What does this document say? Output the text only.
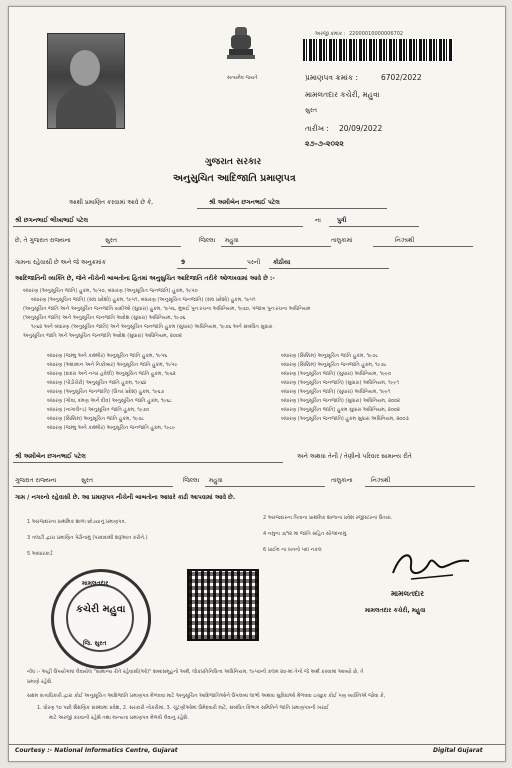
સત્યમેવ જયતે
અરજી ક્રમાંક : 22000010000006702
પ્રમાણપત્ર ક્રમાંક :	6702/2022
મામલતદાર કચેરી, મહુવા
સુરત
તારીખ : 20/09/2022
૨૭-૭-૨૦૨૨
ગુજરાત સરકાર
અનુસુચિત આદિજાતિ પ્રમાણપત્ર
આથી પ્રમાણિત કરવામાં આવે છે કે,	શ્રી અમીબેન છગનભાઈ પટેલ
શ્રી છગનભાઈ ભીખાભાઈ પટેલ	ના	પુત્રી
છે, તે ગુજરાત રાજ્યના	સુરત	જિલ્લા મહુવા	તાલુકામાં	નિઝાથી
ગામના રહેવાસી છે અને જે અનુક્રમાંક	9	પરની કોઠીયા
આદિજાતિની વ્યક્તિ છે, જેને નીચેની બાબતોના હિતમાં અનુસુચિત આદિજાતિ તરીકે ઓળખવામાં આવે છે :-
બંધારણ (અનુસૂચિત જાતિ) હુકમ, ૧૯૫૦, બંધારણ (અનુસૂચિત જનજાતિ) હુકમ, ૧૯૫૦
બંધારણ (અનુસૂચિત જાતિ) (સંઘ પ્રદેશો) હુકમ, ૧૯૫૧, બંધારણ (અનુસૂચિત જનજાતિ) (સંઘ પ્રદેશો) હુકમ, ૧૯૫૧
(અનુસૂચિત જાતિ અને અનુસૂચિત જનજાતિ યાદીઓ (સુધારા) હુકમ, ૧૯૫૬, મુંબઈ પુનઃરચના અધિનિયમ, ૧૯૬૦, પંજાબ પુનઃરચના અધિનિયમ
(અનુસૂચિત જાતિ) અને અનુસૂચિત જનજાતિ આદેશ (સુધારા) અધિનિયમ, ૧૯૭૬
૧૯૬૨ અને બંધારણ (અનુસૂચિત જાતિ) અને અનુસૂચિત જનજાતિ હુકમ (સુધારા) અધિનિયમ, ૧૯૭૬ અને સંબંધિત સુધારા
અનુસૂચિત જાતિ અને અનુસૂચિત જનજાતિ આદેશ (સુધારા) અધિનિયમ, ૨૦૦૨
બંધારણ (જમ્મુ અને કાશ્મીર) અનુસૂચિત જાતિ હુકમ, ૧૯૫૬
બંધારણ (અંદામાન અને નિકોબાર) અનુસૂચિત જાતિ હુકમ, ૧૯૫૯
બંધારણ (દાદરા અને નગર હવેલી) અનુસૂચિત જાતિ હુકમ, ૧૯૬૨
બંધારણ (પોંડીચેરી) અનુસૂચિત જાતિ હુકમ, ૧૯૬૪
બંધારણ (અનુસૂચિત જનજાતિ) (ઉત્તર પ્રદેશ) હુકમ, ૧૯૬૭
બંધારણ (ગોવા, દમણ અને દીવ) અનુસૂચિત જાતિ હુકમ, ૧૯૬૮
બંધારણ (નાગાલેન્ડ) અનુસૂચિત જાતિ હુકમ, ૧૯૭૦
બંધારણ (સિક્કિમ) અનુસૂચિત જાતિ હુકમ, ૧૯૭૮
બંધારણ (જમ્મુ અને કાશ્મીર) અનુસૂચિત જનજાતિ હુકમ, ૧૯૮૯
બંધારણ (સિક્કિમ) અનુસૂચિત જાતિ હુકમ, ૧૯૭૮
બંધારણ (સિક્કિમ) અનુસૂચિત જનજાતિ હુકમ, ૧૯૭૮
બંધારણ (અનુસૂચિત જાતિ) (સુધારા) અધિનિયમ, ૧૯૯૦
બંધારણ (અનુસૂચિત જનજાતિ) (સુધારા) અધિનિયમ, ૧૯૯૧
બંધારણ (અનુસૂચિત જાતિ) (સુધારા) અધિનિયમ, ૧૯૯૧
બંધારણ (અનુસૂચિત જનજાતિ) (સુધારા) અધિનિયમ, ૨૦૦૨
બંધારણ (અનુસૂચિત જાતિ) હુકમ સુધારા અધિનિયમ, ૨૦૦૨
બંધારણ (અનુસૂચિત જનજાતિ) હુકમ સુધારા અધિનિયમ, ૨૦૦૩
શ્રી અમીબેન છગનભાઈ પટેલ	અને અથવા તેની / તેણીનો પરિવાર સામાન્ય રીતે
ગુજરાત રાજ્યના	સુરત	જિલ્લા મહુવા	તાલુકાના	નિઝાથી
ગામ / નગરનો રહેવાસી છે. આ પ્રમાણપત્ર નીચેની બાબતોના આધારે કાઢી આપવામાં આવે છે.
1 અરજદારના પ્રાથમિક શાળા છોડયાનું પ્રમાણપત્ર.
3 તલાટી દ્વારા પ્રમાણિત પેઢીનામું (પરદાદાથી શરૂઆત કરીને.)
5 આધારકાર્ડ
2 અરજદારના પિતાના પ્રાથમિક શાળાના પ્રવેશ રજીસ્ટરનાં ઉતારા.
4 નમુના ૭/૧૨ માં જાતિ સહિત સોગંદનામું.
6 પ્રાઈમ ના ખતનો પદાં નકલ
મામલતદાર
કચેરી મહુવા
જિ. સુરત
મામલતદાર
મામલતદાર કચેરી, મહુવા
નોંધ :- અહીં ઉપયોગમાં લેવાયેલ "સામાન્ય રીતે રહેવાસી(ઓ)" શબ્દસમૂહનો અર્થ, લોકપ્રતિનિધિત્વ અધિનિયમ, ૧૯૫૦ની કલમ ૨૦-માં તેનો જે અર્થ કરવામાં આવ્યો છે, તે
પ્રમાણે રહેશે.
સક્ષમ સત્તાધિકારી દ્વારા કોઈ અનુસૂચિત આદિજાતિ પ્રમાણપત્ર મેળવવા માટે અનુસૂચિત આદિજાતિઓને ઉપલબ્ધ લાભો અથવા સુવિધાઓ મેળવવા ઇચ્છુક કોઈ પણ વ્યક્તિએ જોવા કે,
1. ધોરણ ૧૦ પછી શૈક્ષણિક સંસ્થામાં પ્રવેશ, 2. સરકારી નોકરીમાં, 3. ચૂંટણીઓમાં ઉમેદવારી માટે, સંબંધિત વિભાગ સમિતિને જાતિ પ્રમાણપત્રની ખરાઈ
માટે અરજી કરવાની રહેશે તથા માન્યતા પ્રમાણપત્ર મેળવી લેવાનું રહેશે.
Courtesy :- National Informatics Centre, Gujarat	Digital Gujarat
